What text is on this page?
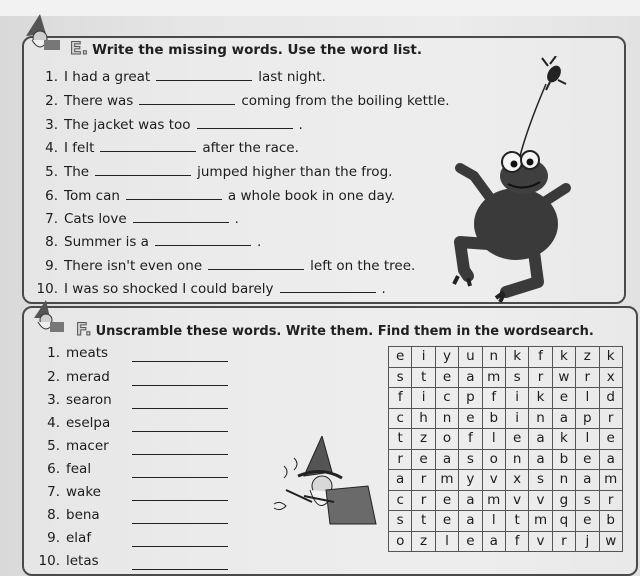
E. Write the missing words. Use the word list.
1. I had a great	last night.
2. There was	coming from the boiling kettle.
3. The jacket was too	.
4. I felt	after the race.
5. The	jumped higher than the frog.
6. Tom can	a whole book in one day.
7. Cats love	.
8. Summer is a	.
9. There isn't even one	left on the tree.
10. I was so shocked I could barely	.
F. Unscramble these words. Write them. Find them in the wordsearch.
1. meats
2. merad
3. searon
4. eselpa
5. macer
6. feal
7. wake
8. bena
9. elaf
10. letas
e	i	y	u	n	k	f	k	z	k
s	t	e	a	m	s	r	w	r	x
f	i	c	p	f	i	k	e	l	d
c	h	n	e	b	i	n	a	p	r
t	z	o	f	l	e	a	k	l	e
r	e	a	s	o	n	a	b	e	a
a	r	m	y	v	x	s	n	a	m
c	r	e	a	m	v	v	g	s	r
s	t	e	a	l	t	m	q	e	b
o	z	l	e	a	f	v	r	j	w
